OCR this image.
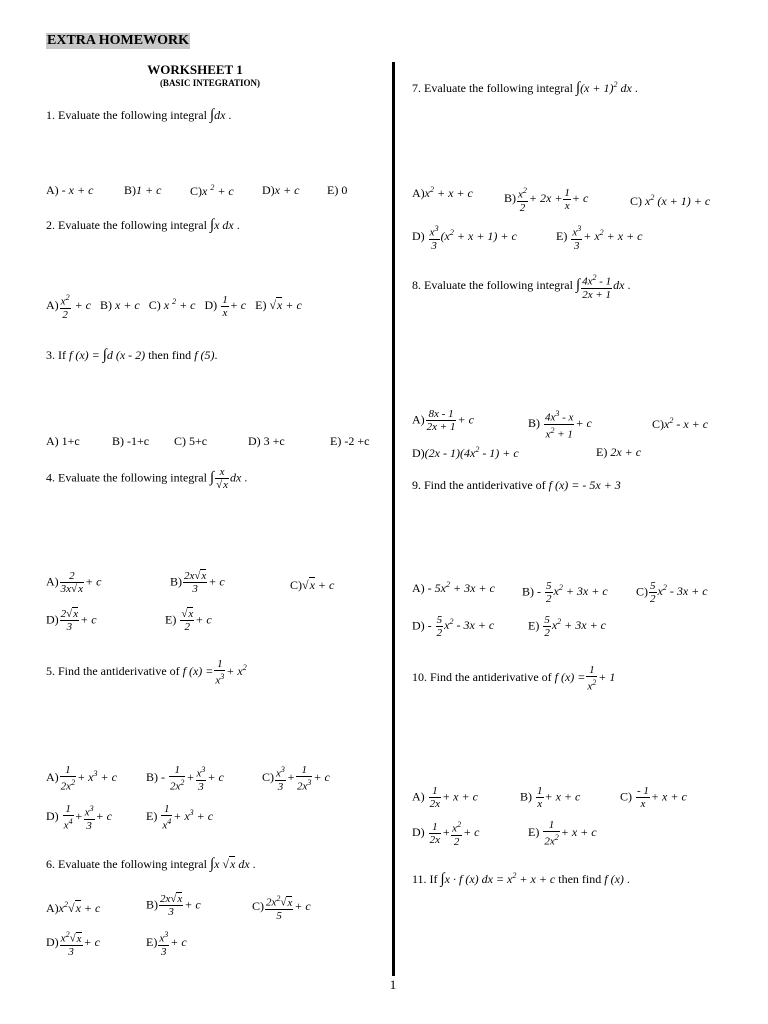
EXTRA HOMEWORK
WORKSHEET 1
(BASIC INTEGRATION)
1. Evaluate the following integral ∫dx .
A) - x + c	B)1 + c C)x $^2$ + c D)x + c E) 0
2. Evaluate the following integral ∫x dx .
$A) \frac{x^2}{2} + c$ B) x + c C) x $^2$ + c $D) \frac{1}{x} + c$ E) √x + c
3. If f (x) = ∫d (x - 2) then find f (5).
A) 1+c	B) -1+c C) 5+c	D) 3 +c	E) -2 +c
4. Evaluate the following integral ∫ $\frac{x}{√x}$ dx .
$A) \frac{2}{3x√x} + c$	$B) \frac{2x√x}{3} + c$	C)√x + c
$D) \frac{2√x}{3} + c$	$E) \frac{√x}{2} + c$
5. Find the antiderivative of f $(x) = \frac{1}{x^3} + x^2$
$A) \frac{1}{2x^2} + x^3 + c$ $B) - \frac{1}{2x^2} + \frac{x^3}{3} + c$	$C) \frac{x^3}{3} + \frac{1}{2x^3} + c$
$D) \frac{1}{x^4} + \frac{x^3}{3} + c$	$E) \frac{1}{x^4} + x^3 + c$
6. Evaluate the following integral ∫x √x dx .
$A)x^2√x + c$	$B) \frac{2x√x}{3} + c$	$C) \frac{2x^2√x}{5} + c$
$D) \frac{x^2√x}{3} + c$	$E) \frac{x^3}{3} + c$
7. Evaluate the following integral $\int(x + 1)^2$ dx .
$A)x^2 + x + c$	$B) \frac{x^2}{2} + 2x + \frac{1}{x} + c$	C) $x^2$ (x + 1) + c
$D) \frac{x^3}{3} (x^2 + x + 1) + c$	$E) \frac{x^3}{3} + x^2 + x + c$
8. Evaluate the following integral ∫ $\frac{4x^2 - 1}{2x + 1}$ dx .
$A) \frac{8x - 1}{2x + 1} + c$	$B) \frac{4x^3 - x}{x^2 + 1} + c$	$C)x^2 - x + c$
$D)(2x - 1)(4x^2 - 1) + c$	E) 2x + c
9. Find the antiderivative of f (x) = - 5x + 3
$A) - 5x^2 + 3x + c$ $B) - \frac{5}{2} x^2 + 3x + c$ $C) \frac{5}{2} x^2 - 3x + c$
$D) - \frac{5}{2} x^2 - 3x + c$	$E) \frac{5}{2} x^2 + 3x + c$
10. Find the antiderivative of f $(x) = \frac{1}{x^2} + 1$
$A) \frac{1}{2x} + x + c$	$B) \frac{1}{x} + x + c$	$C) \frac{- 1}{x} + x + c$
$D) \frac{1}{2x} + \frac{x^2}{2} + c$	$E) \frac{1}{2x^2} + x + c$
11. If ∫x · f (x) dx = $x^2 + x + c$ then find f (x) .
1
